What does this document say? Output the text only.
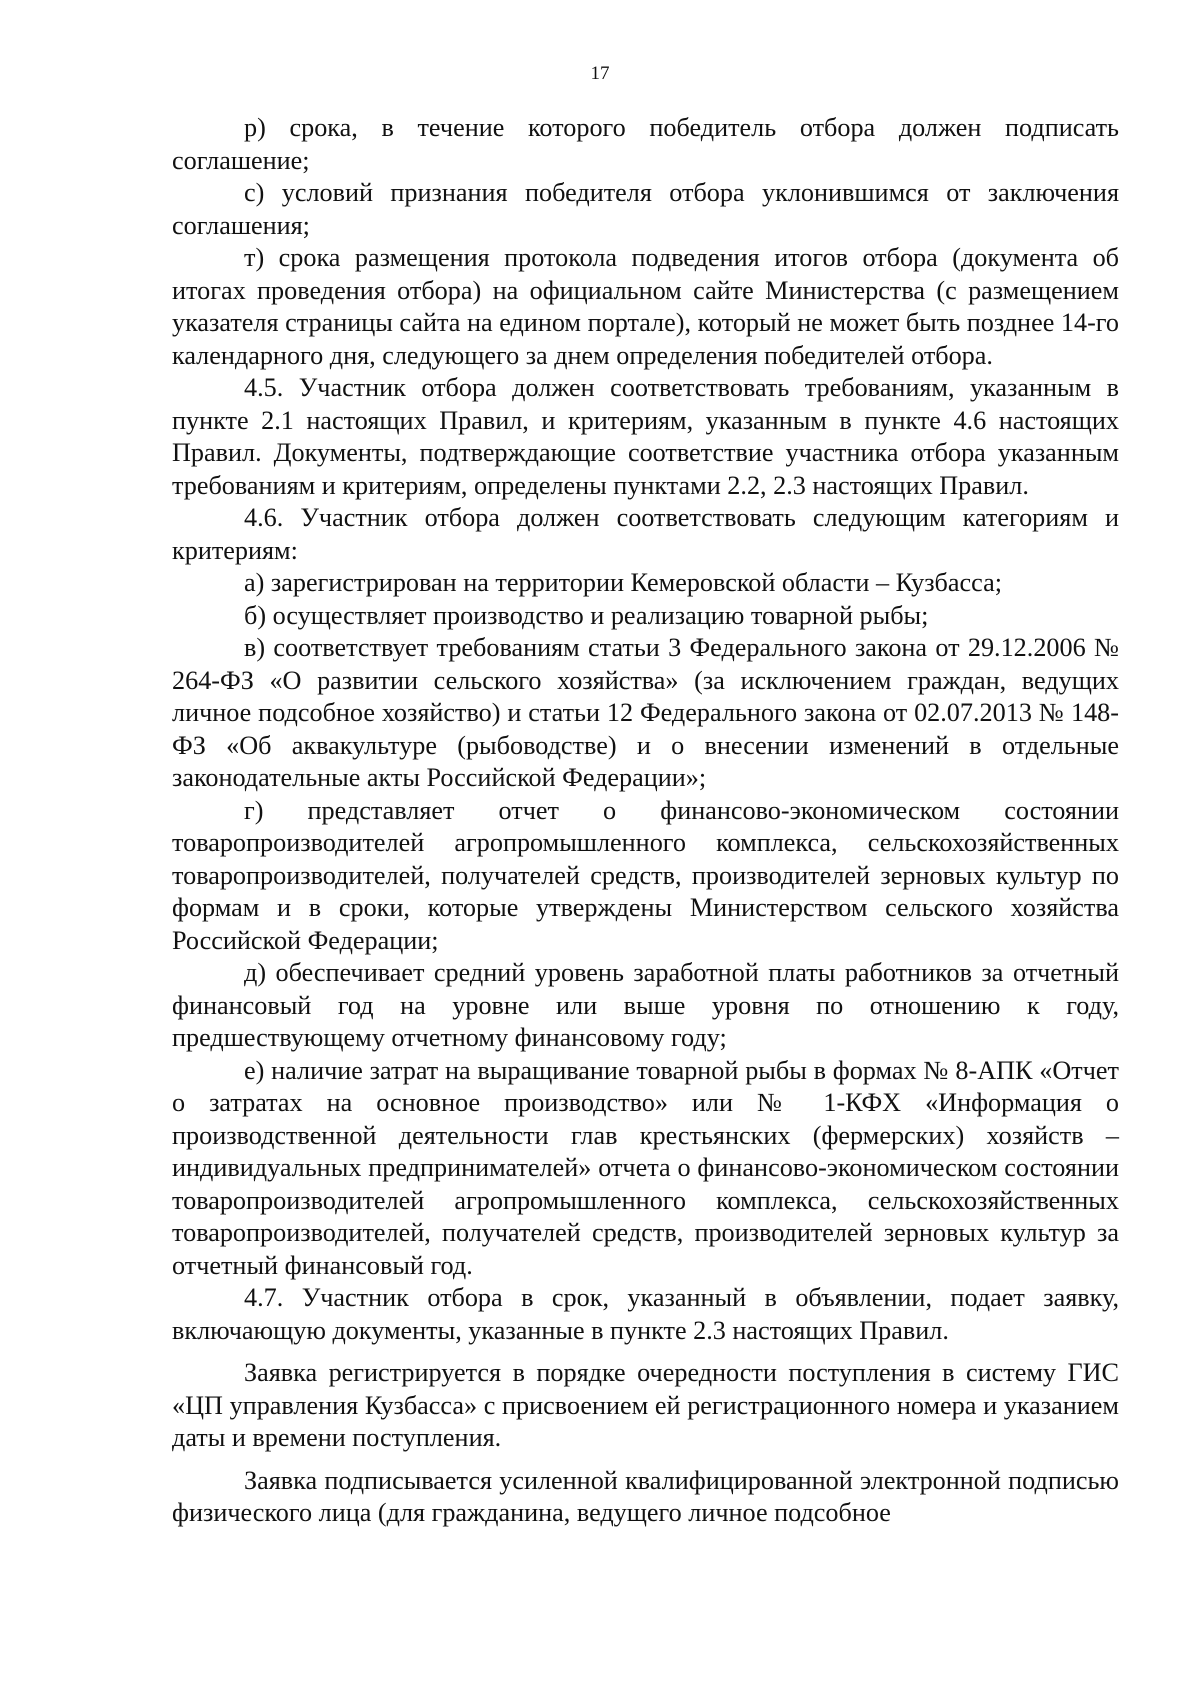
17

р) срока, в течение которого победитель отбора должен подписать соглашение;

с) условий признания победителя отбора уклонившимся от заключения соглашения;

т) срока размещения протокола подведения итогов отбора (документа об итогах проведения отбора) на официальном сайте Министерства (с размещением указателя страницы сайта на едином портале), который не может быть позднее 14-го календарного дня, следующего за днем определения победителей отбора.

4.5. Участник отбора должен соответствовать требованиям, указанным в пункте 2.1 настоящих Правил, и критериям, указанным в пункте 4.6 настоящих Правил. Документы, подтверждающие соответствие участника отбора указанным требованиям и критериям, определены пунктами 2.2, 2.3 настоящих Правил.

4.6. Участник отбора должен соответствовать следующим категориям и критериям:

а) зарегистрирован на территории Кемеровской области – Кузбасса;

б) осуществляет производство и реализацию товарной рыбы;

в) соответствует требованиям статьи 3 Федерального закона от 29.12.2006 № 264-ФЗ «О развитии сельского хозяйства» (за исключением граждан, ведущих личное подсобное хозяйство) и статьи 12 Федерального закона от 02.07.2013 № 148-ФЗ «Об аквакультуре (рыбоводстве) и о внесении изменений в отдельные законодательные акты Российской Федерации»;

г) представляет отчет о финансово-экономическом состоянии товаропроизводителей агропромышленного комплекса, сельскохозяйственных товаропроизводителей, получателей средств, производителей зерновых культур по формам и в сроки, которые утверждены Министерством сельского хозяйства Российской Федерации;

д) обеспечивает средний уровень заработной платы работников за отчетный финансовый год на уровне или выше уровня по отношению к году, предшествующему отчетному финансовому году;

е) наличие затрат на выращивание товарной рыбы в формах № 8-АПК «Отчет о затратах на основное производство» или № 1-КФХ «Информация о производственной деятельности глав крестьянских (фермерских) хозяйств – индивидуальных предпринимателей» отчета о финансово-экономическом состоянии товаропроизводителей агропромышленного комплекса, сельскохозяйственных товаропроизводителей, получателей средств, производителей зерновых культур за отчетный финансовый год.

4.7. Участник отбора в срок, указанный в объявлении, подает заявку, включающую документы, указанные в пункте 2.3 настоящих Правил.

Заявка регистрируется в порядке очередности поступления в систему ГИС «ЦП управления Кузбасса» с присвоением ей регистрационного номера и указанием даты и времени поступления.

Заявка подписывается усиленной квалифицированной электронной подписью физического лица (для гражданина, ведущего личное подсобное
